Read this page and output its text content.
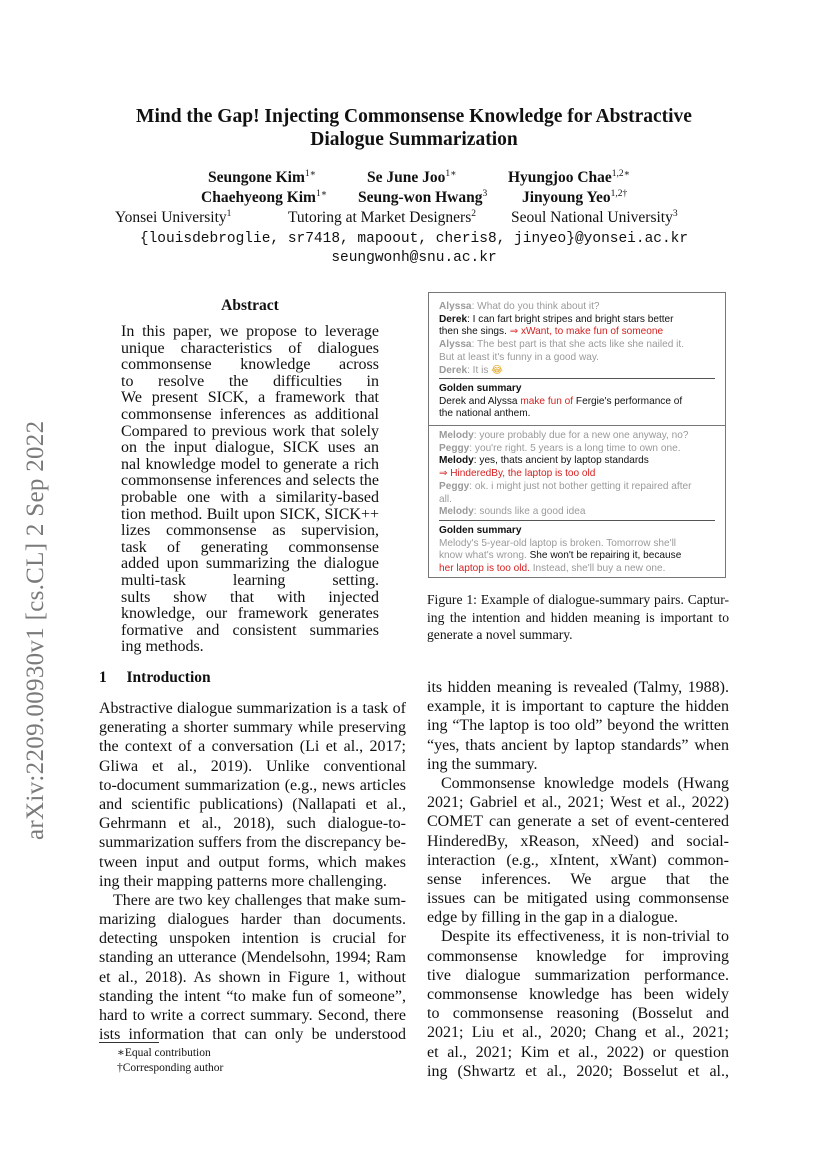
arXiv:2209.00930v1 [cs.CL] 2 Sep 2022
Mind the Gap! Injecting Commonsense Knowledge for Abstractive
Dialogue Summarization
Seungone Kim$^{1∗}$	Se June Joo$^{1∗}$	Hyungjoo Chae$^{1,2∗}$
Chaehyeong Kim$^{1∗}$ Seung-won Hwang$^3$ Jinyoung Yeo$^{1,2\dagger}$
Yonsei University$^1$	Tutoring at Market Designers$^2$ Seoul National University$^3$
{louisdebroglie, sr7418, mapoout, cheris8, jinyeo}@yonsei.ac.kr
seungwonh@snu.ac.kr
Abstract
In this paper, we propose to leverage
unique characteristics of dialogues
commonsense knowledge across
to resolve the difficulties in
We present SICK, a framework that
commonsense inferences as additional
Compared to previous work that solely
on the input dialogue, SICK uses an
nal knowledge model to generate a rich
commonsense inferences and selects the
probable one with a similarity-based
tion method. Built upon SICK, SICK++
lizes commonsense as supervision,
task of generating commonsense
added upon summarizing the dialogue
multi-task learning setting.
sults show that with injected
knowledge, our framework generates
formative and consistent summaries
ing methods.
1 Introduction
Abstractive dialogue summarization is a task of
generating a shorter summary while preserving
the context of a conversation (Li et al., 2017;
Gliwa et al., 2019). Unlike conventional
to-document summarization (e.g., news articles
and scientific publications) (Nallapati et al.,
Gehrmann et al., 2018), such dialogue-to-
summarization suffers from the discrepancy be-
tween input and output forms, which makes
ing their mapping patterns more challenging.
There are two key challenges that make sum-
marizing dialogues harder than documents.
detecting unspoken intention is crucial for
standing an utterance (Mendelsohn, 1994; Ram
et al., 2018). As shown in Figure 1, without
standing the intent “to make fun of someone”,
hard to write a correct summary. Second, there
ists information that can only be understood
∗Equal contribution
†Corresponding author
Alyssa: What do you think about it?
Derek: I can fart bright stripes and bright stars better
then she sings. ⇒ xWant, to make fun of someone
Alyssa: The best part is that she acts like she nailed it.
But at least it's funny in a good way.
Derek: It is 😂
Golden summary
Derek and Alyssa make fun of Fergie's performance of
the national anthem.
Melody: youre probably due for a new one anyway, no?
Peggy: you're right. 5 years is a long time to own one.
Melody: yes, thats ancient by laptop standards
⇒ HinderedBy, the laptop is too old
Peggy: ok. i might just not bother getting it repaired after
all.
Melody: sounds like a good idea
Golden summary
Melody's 5-year-old laptop is broken. Tomorrow she'll
know what's wrong. She won't be repairing it, because
her laptop is too old. Instead, she'll buy a new one.
Figure 1: Example of dialogue-summary pairs. Captur-
ing the intention and hidden meaning is important to
generate a novel summary.
its hidden meaning is revealed (Talmy, 1988).
example, it is important to capture the hidden
ing “The laptop is too old” beyond the written
“yes, thats ancient by laptop standards” when
ing the summary.
Commonsense knowledge models (Hwang
2021; Gabriel et al., 2021; West et al., 2022)
COMET can generate a set of event-centered
HinderedBy, xReason, xNeed) and social-
interaction (e.g., xIntent, xWant) common-
sense inferences. We argue that the
issues can be mitigated using commonsense
edge by filling in the gap in a dialogue.
Despite its effectiveness, it is non-trivial to
commonsense knowledge for improving
tive dialogue summarization performance.
commonsense knowledge has been widely
to commonsense reasoning (Bosselut and
2021; Liu et al., 2020; Chang et al., 2021;
et al., 2021; Kim et al., 2022) or question
ing (Shwartz et al., 2020; Bosselut et al.,
